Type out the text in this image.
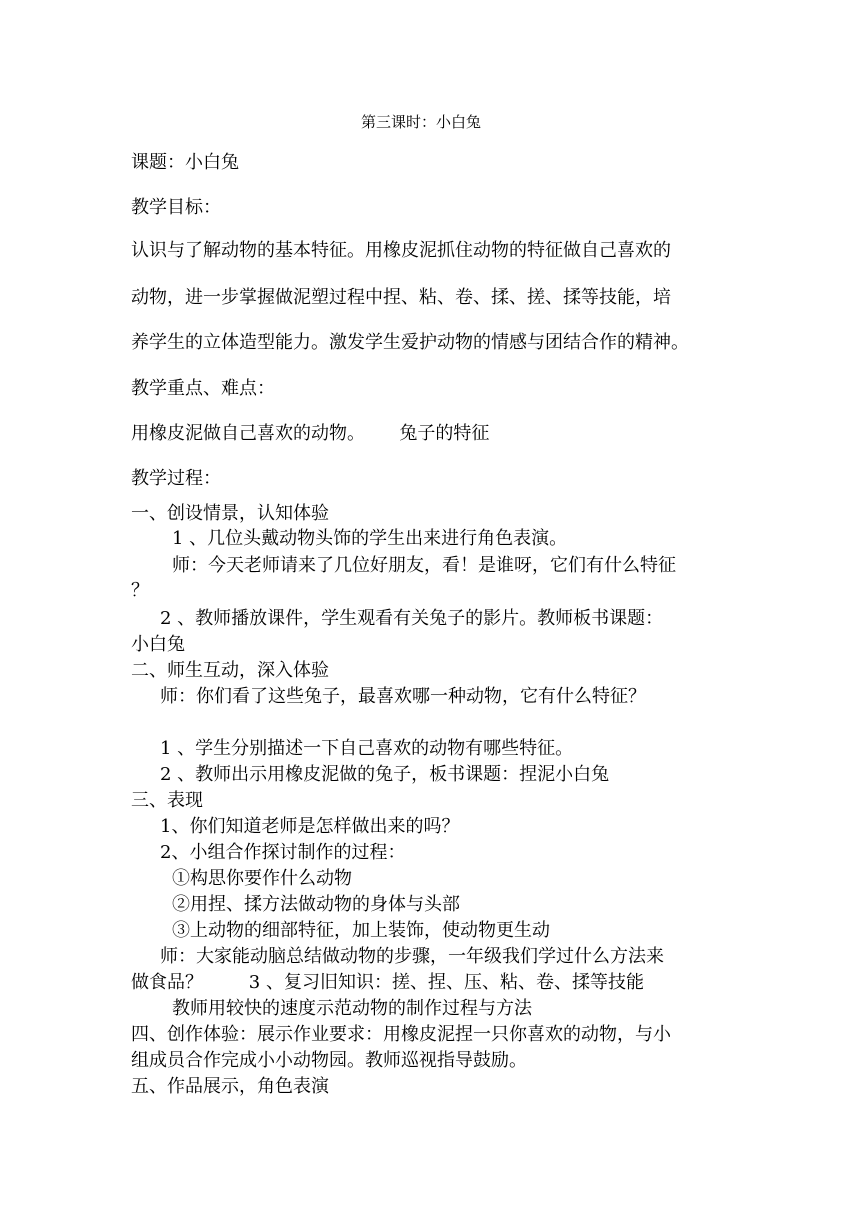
第三课时：小白兔
课题：小白兔
教学目标：
认识与了解动物的基本特征。用橡皮泥抓住动物的特征做自己喜欢的
动物，进一步掌握做泥塑过程中捏、粘、卷、揉、搓、揉等技能，培
养学生的立体造型能力。激发学生爱护动物的情感与团结合作的精神。
教学重点、难点：
用橡皮泥做自己喜欢的动物。      兔子的特征
教学过程：
一、创设情景，认知体验
1 、几位头戴动物头饰的学生出来进行角色表演。
师：今天老师请来了几位好朋友，看！是谁呀，它们有什么特征
？
2 、教师播放课件，学生观看有关兔子的影片。教师板书课题：
小白兔
二、师生互动，深入体验
师：你们看了这些兔子，最喜欢哪一种动物，它有什么特征？
1 、学生分别描述一下自己喜欢的动物有哪些特征。
2 、教师出示用橡皮泥做的兔子，板书课题：捏泥小白兔
三、表现
1、你们知道老师是怎样做出来的吗？
2、小组合作探讨制作的过程：
①构思你要作什么动物
②用捏、揉方法做动物的身体与头部
③上动物的细部特征，加上装饰，使动物更生动
师：大家能动脑总结做动物的步骤，一年级我们学过什么方法来
做食品？        3 、复习旧知识：搓、捏、压、粘、卷、揉等技能
教师用较快的速度示范动物的制作过程与方法
四、创作体验：展示作业要求：用橡皮泥捏一只你喜欢的动物，与小
组成员合作完成小小动物园。教师巡视指导鼓励。
五、作品展示，角色表演
